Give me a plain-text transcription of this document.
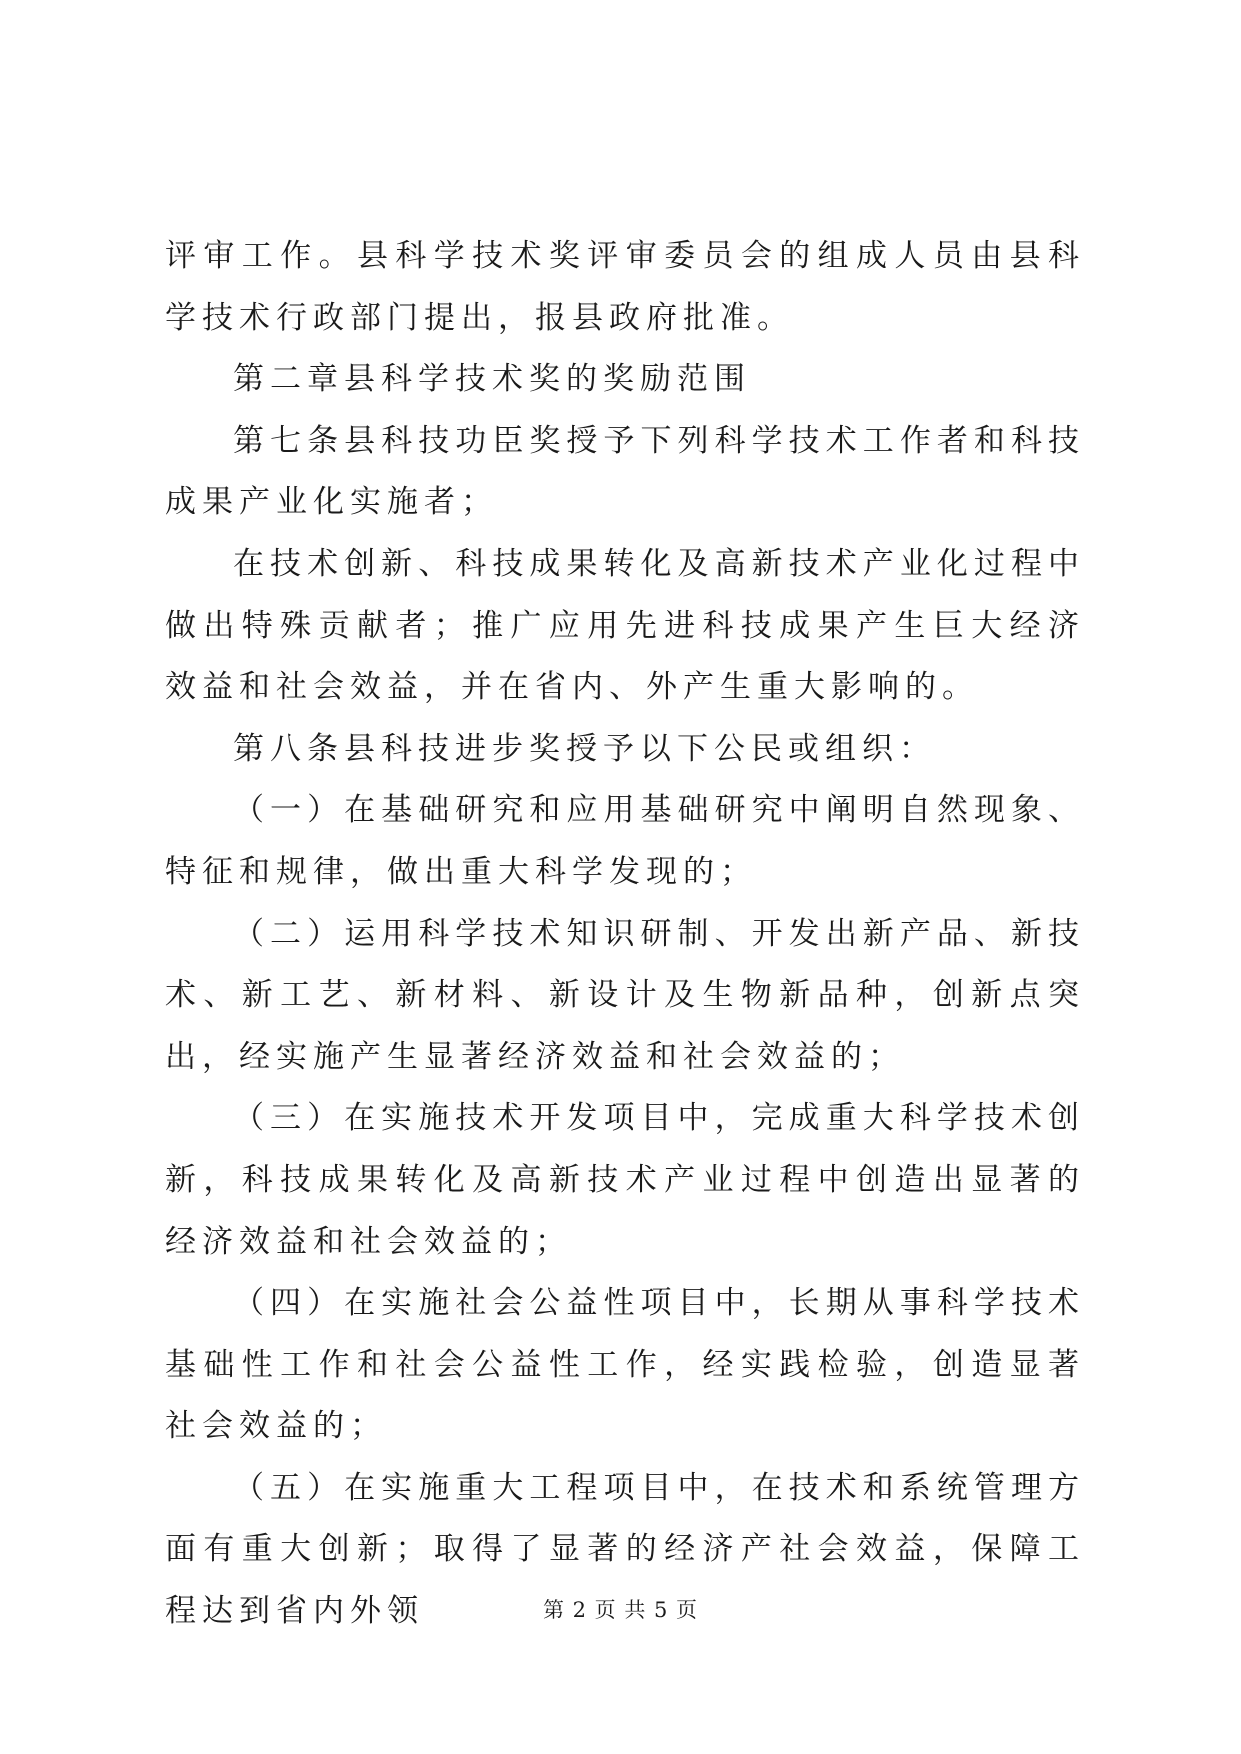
评审工作。县科学技术奖评审委员会的组成人员由县科学技术行政部门提出，报县政府批准。

第二章县科学技术奖的奖励范围

第七条县科技功臣奖授予下列科学技术工作者和科技成果产业化实施者；

在技术创新、科技成果转化及高新技术产业化过程中做出特殊贡献者；推广应用先进科技成果产生巨大经济效益和社会效益，并在省内、外产生重大影响的。

第八条县科技进步奖授予以下公民或组织：

（一）在基础研究和应用基础研究中阐明自然现象、特征和规律，做出重大科学发现的；

（二）运用科学技术知识研制、开发出新产品、新技术、新工艺、新材料、新设计及生物新品种，创新点突出，经实施产生显著经济效益和社会效益的；

（三）在实施技术开发项目中，完成重大科学技术创新，科技成果转化及高新技术产业过程中创造出显著的经济效益和社会效益的；

（四）在实施社会公益性项目中，长期从事科学技术基础性工作和社会公益性工作，经实践检验，创造显著社会效益的；

（五）在实施重大工程项目中，在技术和系统管理方面有重大创新；取得了显著的经济产社会效益，保障工程达到省内外领	第 2 页 共 5 页
